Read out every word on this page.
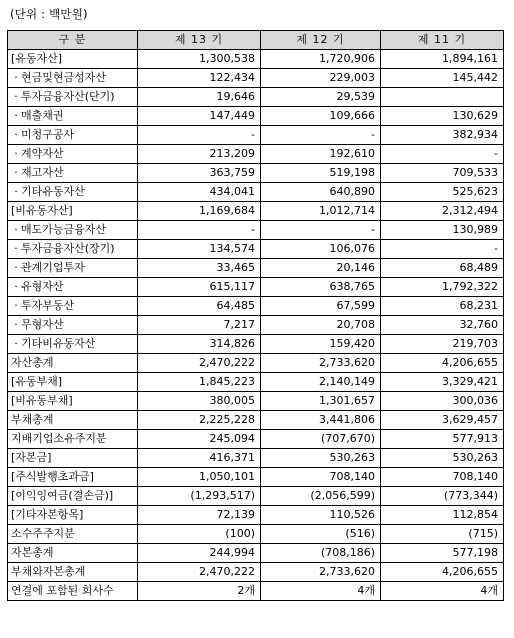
(단위 : 백만원)
구 분	제 13 기	제 12 기	제 11 기
[유동자산]	1,300,538	1,720,906	1,894,161
· 현금및현금성자산	122,434	229,003	145,442
· 투자금융자산(단기)	19,646	29,539	
· 매출채권	147,449	109,666	130,629
· 미청구공사	-	-	382,934
· 계약자산	213,209	192,610	-
· 재고자산	363,759	519,198	709,533
· 기타유동자산	434,041	640,890	525,623
[비유동자산]	1,169,684	1,012,714	2,312,494
· 매도가능금융자산	-	-	130,989
· 투자금융자산(장기)	134,574	106,076	-
· 관계기업투자	33,465	20,146	68,489
· 유형자산	615,117	638,765	1,792,322
· 투자부동산	64,485	67,599	68,231
· 무형자산	7,217	20,708	32,760
· 기타비유동자산	314,826	159,420	219,703
자산총계	2,470,222	2,733,620	4,206,655
[유동부채]	1,845,223	2,140,149	3,329,421
[비유동부채]	380,005	1,301,657	300,036
부채총계	2,225,228	3,441,806	3,629,457
지배기업소유주지분	245,094	(707,670)	577,913
[자본금]	416,371	530,263	530,263
[주식발행초과금]	1,050,101	708,140	708,140
[이익잉여금(결손금)]	(1,293,517)	(2,056,599)	(773,344)
[기타자본항목]	72,139	110,526	112,854
소수주주지분	(100)	(516)	(715)
자본총계	244,994	(708,186)	577,198
부채와자본총계	2,470,222	2,733,620	4,206,655
연결에 포함된 회사수	2개	4개	4개
